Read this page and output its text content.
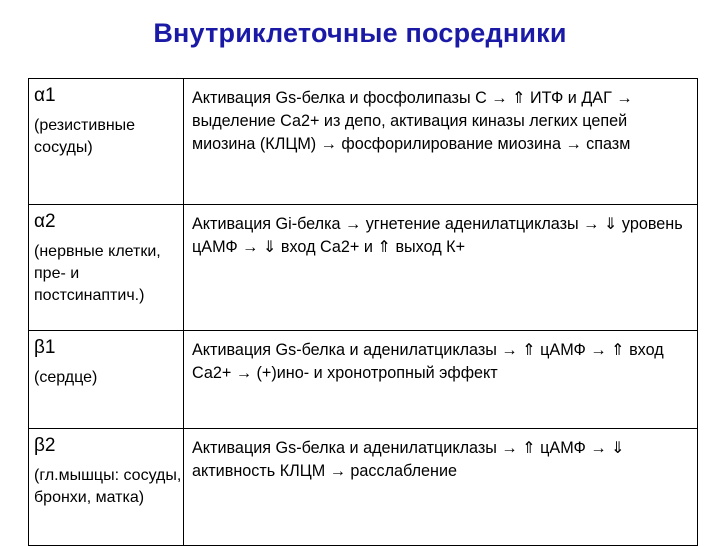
Внутриклеточные посредники
α1
(резистивные сосуды)	Активация Gs-белка и фосфолипазы С → ⇑ ИТФ и ДАГ → выделение Са2+ из депо, активация киназы легких цепей миозина (КЛЦМ) → фосфорилирование миозина → спазм

α2
(нервные клетки, пре- и постсинаптич.)	Активация Gi-белка → угнетение аденилатциклазы → ⇓ уровень цАМФ → ⇓ вход Са2+ и ⇑ выход К+

β1
(сердце)	Активация Gs-белка и аденилатциклазы → ⇑ цАМФ → ⇑ вход Са2+ → (+)ино- и хронотропный эффект

β2
(гл.мышцы: сосуды, бронхи, матка)	Активация Gs-белка и аденилатциклазы → ⇑ цАМФ → ⇓ активность КЛЦМ → расслабление
